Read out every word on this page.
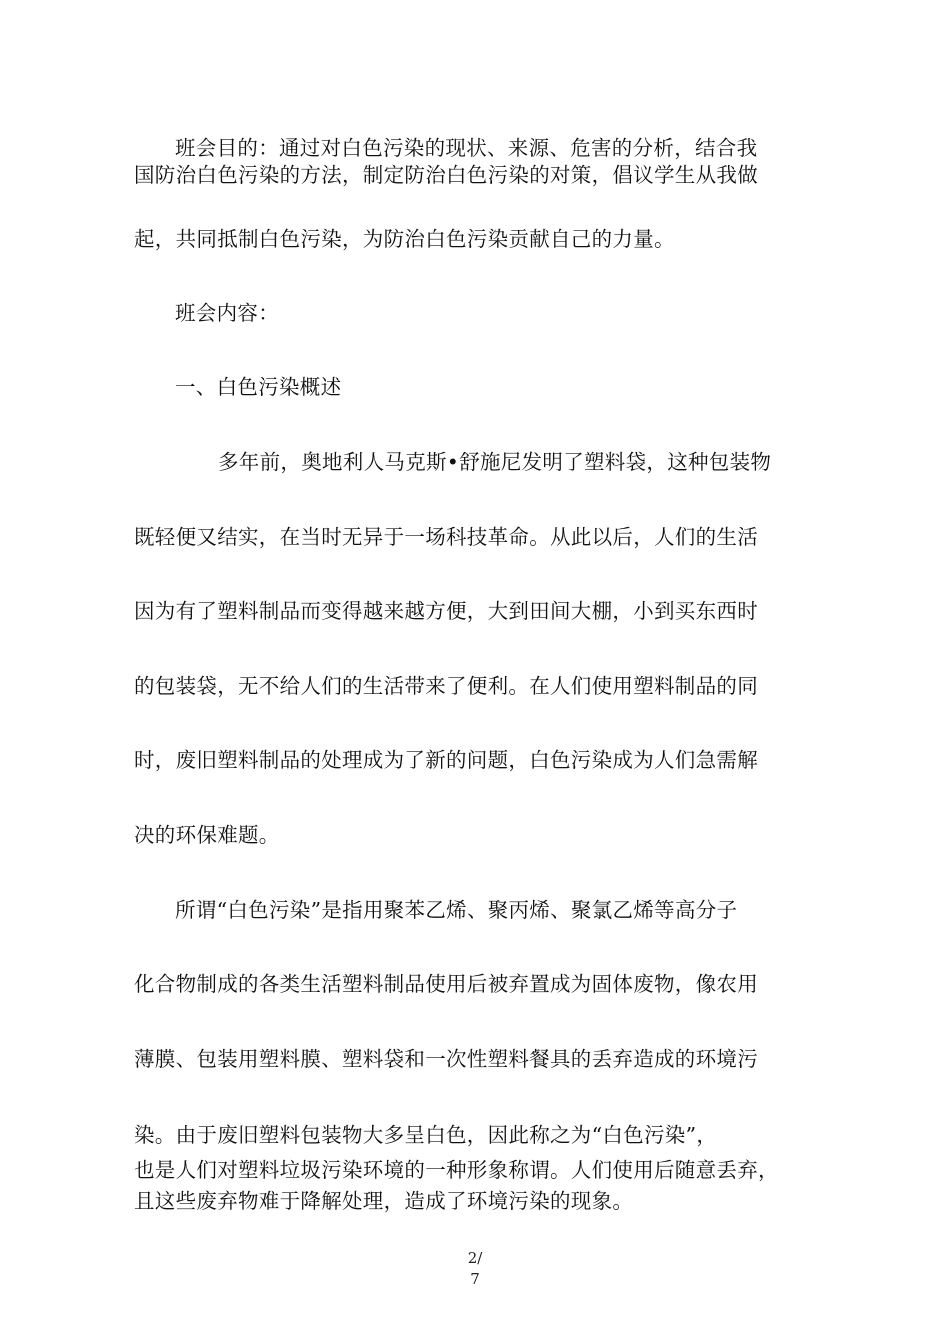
班会目的：通过对白色污染的现状、来源、危害的分析，结合我
国防治白色污染的方法，制定防治白色污染的对策，倡议学生从我做
起，共同抵制白色污染，为防治白色污染贡献自己的力量。
班会内容：
一、白色污染概述
多年前，奥地利人马克斯•舒施尼发明了塑料袋，这种包装物
既轻便又结实，在当时无异于一场科技革命。从此以后，人们的生活
因为有了塑料制品而变得越来越方便，大到田间大棚，小到买东西时
的包装袋，无不给人们的生活带来了便利。在人们使用塑料制品的同
时，废旧塑料制品的处理成为了新的问题，白色污染成为人们急需解
决的环保难题。
所谓“白色污染”是指用聚苯乙烯、聚丙烯、聚氯乙烯等高分子
化合物制成的各类生活塑料制品使用后被弃置成为固体废物，像农用
薄膜、包装用塑料膜、塑料袋和一次性塑料餐具的丢弃造成的环境污
染。由于废旧塑料包装物大多呈白色，因此称之为“白色污染”，
也是人们对塑料垃圾污染环境的一种形象称谓。人们使用后随意丢弃，
且这些废弃物难于降解处理，造成了环境污染的现象。
2/
7
